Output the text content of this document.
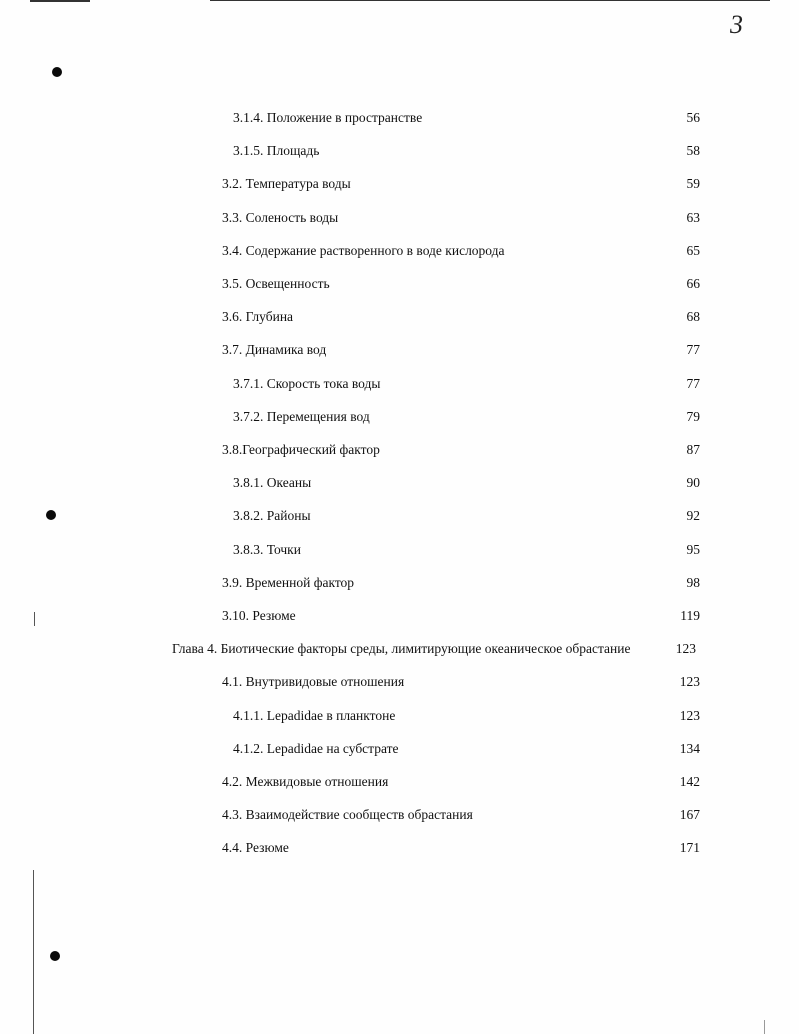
3
3.1.4. Положение в пространстве	56
3.1.5. Площадь	58
3.2. Температура воды	59
3.3. Соленость воды	63
3.4. Содержание растворенного в воде кислорода	65
3.5. Освещенность	66
3.6. Глубина	68
3.7. Динамика вод	77
3.7.1. Скорость тока воды	77
3.7.2. Перемещения вод	79
3.8.Географический фактор	87
3.8.1. Океаны	90
3.8.2. Районы	92
3.8.3. Точки	95
3.9. Временной фактор	98
3.10. Резюме	119
Глава 4. Биотические факторы среды, лимитирующие океаническое обрастание	123
4.1. Внутривидовые отношения	123
4.1.1. Lepadidae в планктоне	123
4.1.2. Lepadidae на субстрате	134
4.2. Межвидовые отношения	142
4.3. Взаимодействие сообществ обрастания	167
4.4. Резюме	171
